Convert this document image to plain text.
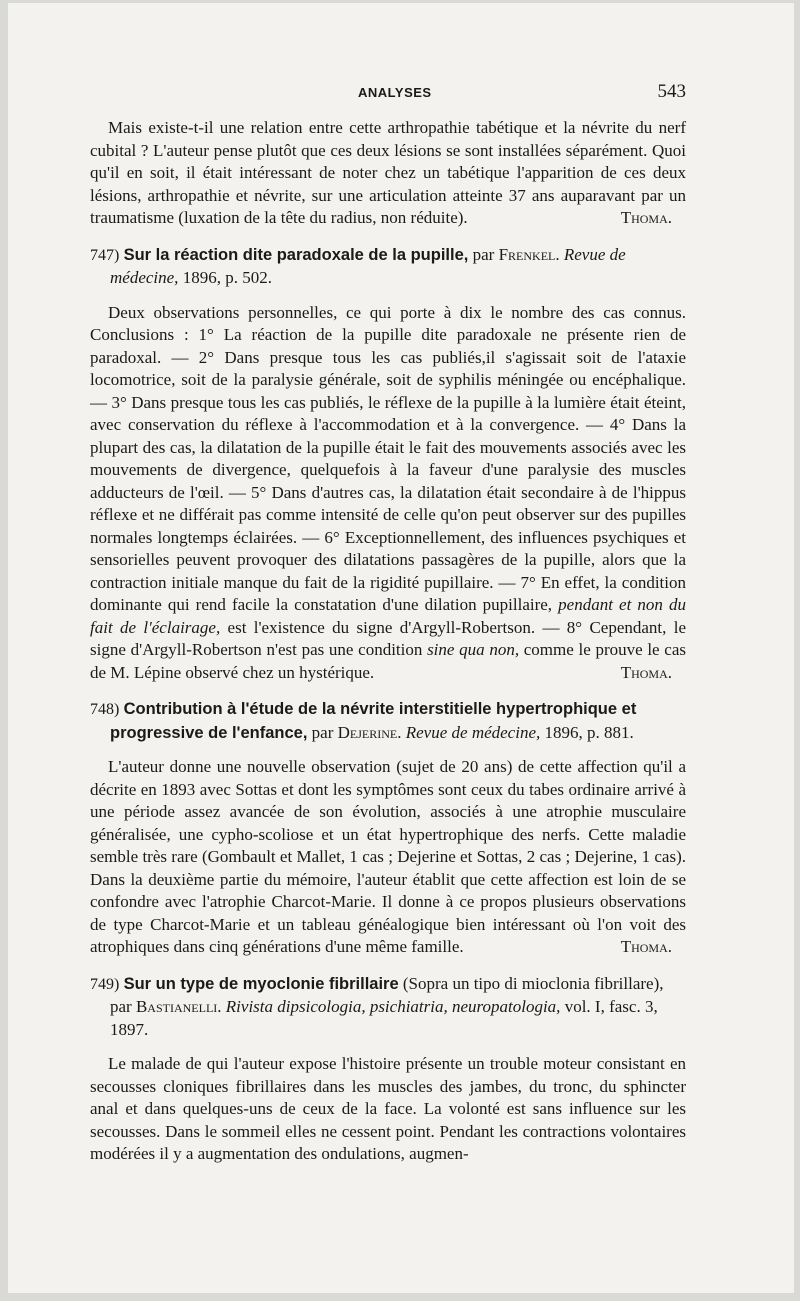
ANALYSES	543

Mais existe-t-il une relation entre cette arthropathie tabétique et la névrite du nerf cubital ? L'auteur pense plutôt que ces deux lésions se sont installées séparément. Quoi qu'il en soit, il était intéressant de noter chez un tabétique l'apparition de ces deux lésions, arthropathie et névrite, sur une articulation atteinte 37 ans auparavant par un traumatisme (luxation de la tête du radius, non réduite).	Thoma.

747) Sur la réaction dite paradoxale de la pupille, par Frenkel. Revue de médecine, 1896, p. 502.

Deux observations personnelles, ce qui porte à dix le nombre des cas connus. Conclusions : 1° La réaction de la pupille dite paradoxale ne présente rien de paradoxal. — 2° Dans presque tous les cas publiés,il s'agissait soit de l'ataxie locomotrice, soit de la paralysie générale, soit de syphilis méningée ou encéphalique. — 3° Dans presque tous les cas publiés, le réflexe de la pupille à la lumière était éteint, avec conservation du réflexe à l'accommodation et à la convergence. — 4° Dans la plupart des cas, la dilatation de la pupille était le fait des mouvements associés avec les mouvements de divergence, quelquefois à la faveur d'une paralysie des muscles adducteurs de l'œil. — 5° Dans d'autres cas, la dilatation était secondaire à de l'hippus réflexe et ne différait pas comme intensité de celle qu'on peut observer sur des pupilles normales longtemps éclairées. — 6° Exceptionnellement, des influences psychiques et sensorielles peuvent provoquer des dilatations passagères de la pupille, alors que la contraction initiale manque du fait de la rigidité pupillaire. — 7° En effet, la condition dominante qui rend facile la constatation d'une dilation pupillaire, pendant et non du fait de l'éclairage, est l'existence du signe d'Argyll-Robertson. — 8° Cependant, le signe d'Argyll-Robertson n'est pas une condition sine qua non, comme le prouve le cas de M. Lépine observé chez un hystérique.	Thoma.

748) Contribution à l'étude de la névrite interstitielle hypertrophique et progressive de l'enfance, par Dejerine. Revue de médecine, 1896, p. 881.

L'auteur donne une nouvelle observation (sujet de 20 ans) de cette affection qu'il a décrite en 1893 avec Sottas et dont les symptômes sont ceux du tabes ordinaire arrivé à une période assez avancée de son évolution, associés à une atrophie musculaire généralisée, une cypho-scoliose et un état hypertrophique des nerfs. Cette maladie semble très rare (Gombault et Mallet, 1 cas ; Dejerine et Sottas, 2 cas ; Dejerine, 1 cas). Dans la deuxième partie du mémoire, l'auteur établit que cette affection est loin de se confondre avec l'atrophie Charcot-Marie. Il donne à ce propos plusieurs observations de type Charcot-Marie et un tableau généalogique bien intéressant où l'on voit des atrophiques dans cinq générations d'une même famille.	Thoma.

749) Sur un type de myoclonie fibrillaire (Sopra un tipo di mioclonia fibrillare), par Bastianelli. Rivista dipsicologia, psichiatria, neuropatologia, vol. I, fasc. 3, 1897.

Le malade de qui l'auteur expose l'histoire présente un trouble moteur consistant en secousses cloniques fibrillaires dans les muscles des jambes, du tronc, du sphincter anal et dans quelques-uns de ceux de la face. La volonté est sans influence sur les secousses. Dans le sommeil elles ne cessent point. Pendant les contractions volontaires modérées il y a augmentation des ondulations, augmen-
